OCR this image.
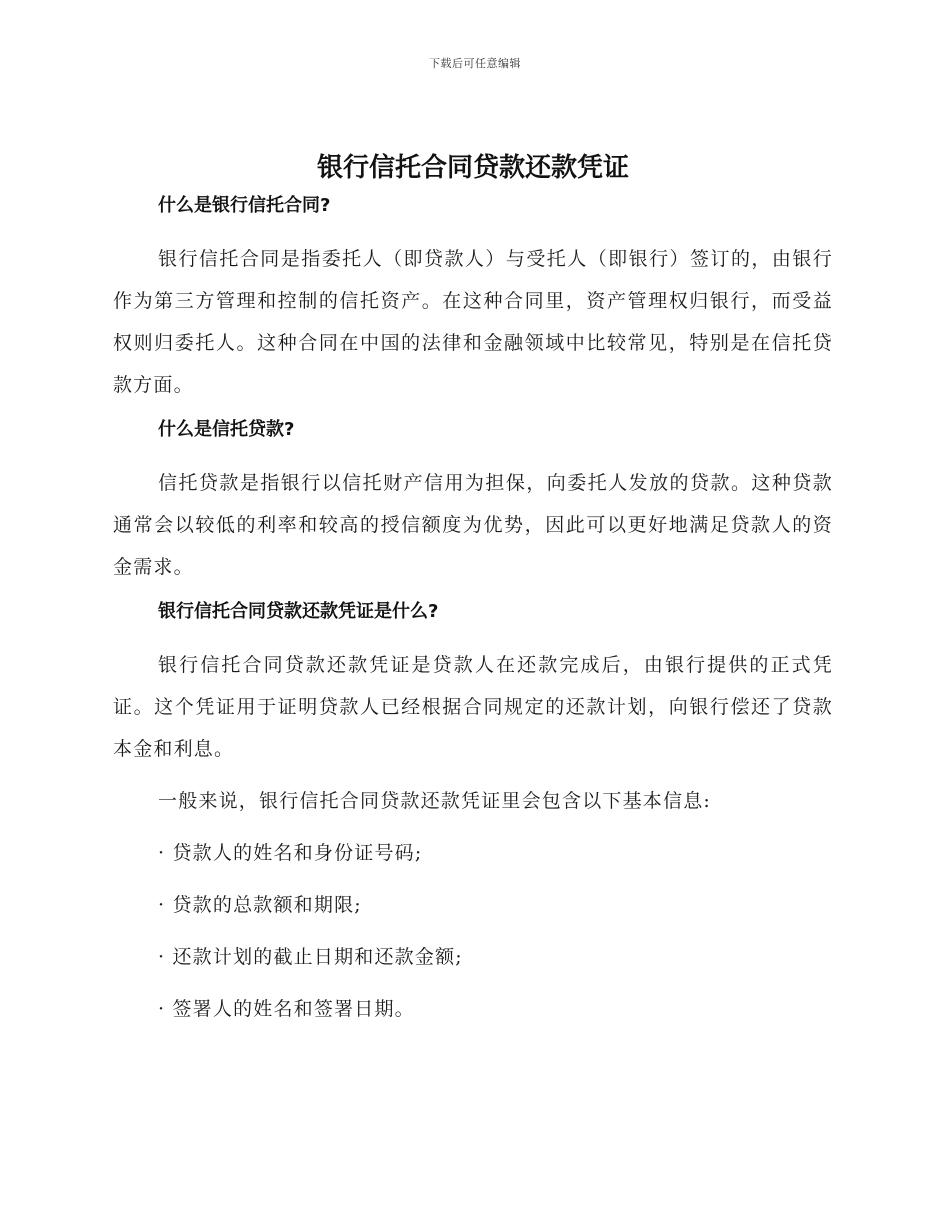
下载后可任意编辑
银行信托合同贷款还款凭证
什么是银行信托合同?

银行信托合同是指委托人（即贷款人）与受托人（即银行）签订的，由银行作为第三方管理和控制的信托资产。在这种合同里，资产管理权归银行，而受益权则归委托人。这种合同在中国的法律和金融领域中比较常见，特别是在信托贷款方面。

什么是信托贷款?

信托贷款是指银行以信托财产信用为担保，向委托人发放的贷款。这种贷款通常会以较低的利率和较高的授信额度为优势，因此可以更好地满足贷款人的资金需求。

银行信托合同贷款还款凭证是什么?

银行信托合同贷款还款凭证是贷款人在还款完成后，由银行提供的正式凭证。这个凭证用于证明贷款人已经根据合同规定的还款计划，向银行偿还了贷款本金和利息。

一般来说，银行信托合同贷款还款凭证里会包含以下基本信息:

· 贷款人的姓名和身份证号码;
· 贷款的总款额和期限;
· 还款计划的截止日期和还款金额;
· 签署人的姓名和签署日期。
